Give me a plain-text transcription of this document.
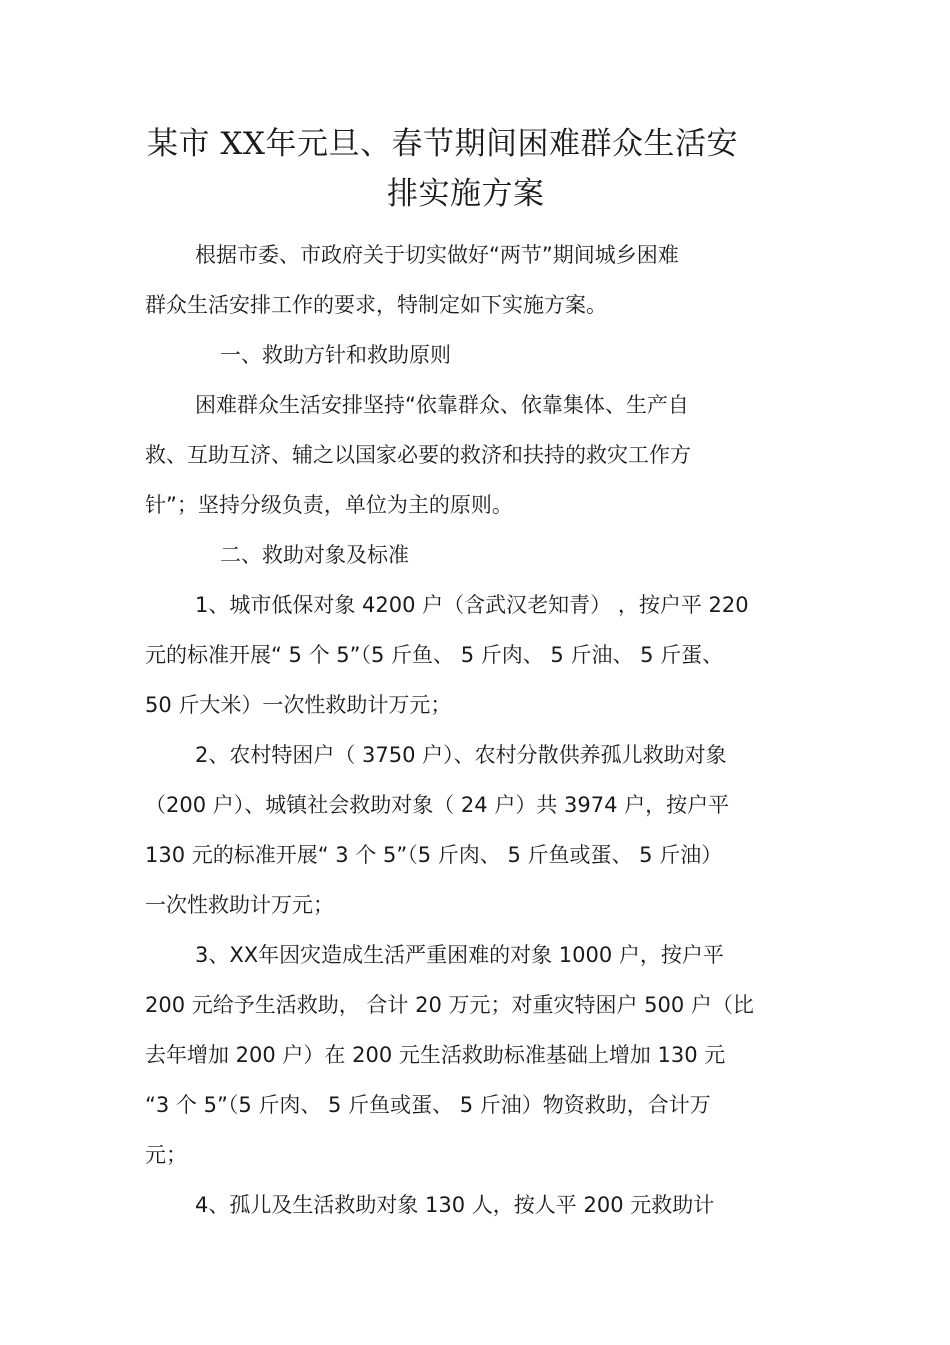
某市 XX年元旦、春节期间困难群众生活安
排实施方案
根据市委、市政府关于切实做好“两节”期间城乡困难
群众生活安排工作的要求，特制定如下实施方案。
一、救助方针和救助原则
困难群众生活安排坚持“依靠群众、依靠集体、生产自
救、互助互济、辅之以国家必要的救济和扶持的救灾工作方
针”；坚持分级负责，单位为主的原则。
二、救助对象及标准
1、城市低保对象 4200 户（含武汉老知青） ，按户平 220
元的标准开展“ 5 个 5”（5 斤鱼、 5 斤肉、 5 斤油、 5 斤蛋、
50 斤大米）一次性救助计万元；
2、农村特困户（ 3750 户）、农村分散供养孤儿救助对象
（200 户）、城镇社会救助对象（ 24 户）共 3974 户，按户平
130 元的标准开展“ 3 个 5”（5 斤肉、 5 斤鱼或蛋、 5 斤油）
一次性救助计万元；
3、XX年因灾造成生活严重困难的对象 1000 户，按户平
200 元给予生活救助， 合计 20 万元；对重灾特困户 500 户（比
去年增加 200 户）在 200 元生活救助标准基础上增加 130 元
“3 个 5”（5 斤肉、 5 斤鱼或蛋、 5 斤油）物资救助，合计万
元；
4、孤儿及生活救助对象 130 人，按人平 200 元救助计
